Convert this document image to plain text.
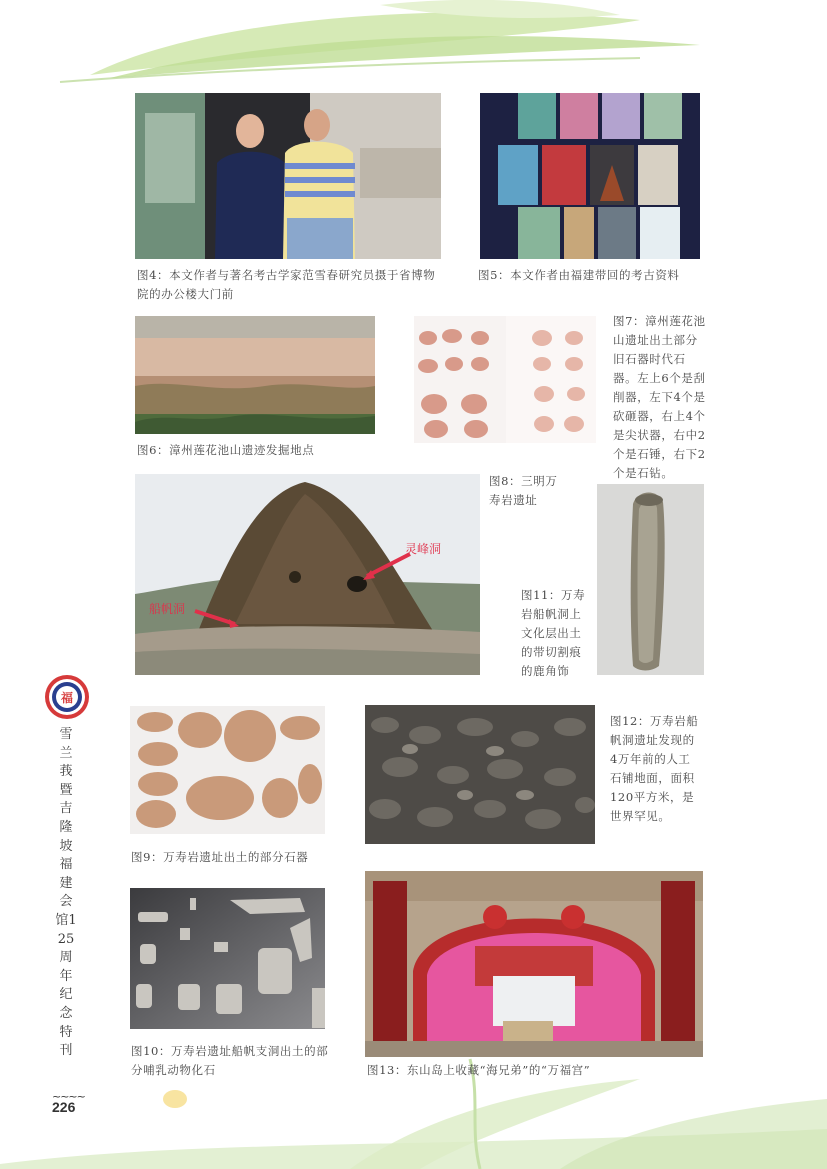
图4：本文作者与著名考古学家范雪春研究员摄于省博物院的办公楼大门前
图5：本文作者由福建带回的考古资料
图6：漳州莲花池山遗迹发掘地点
图7：漳州莲花池山遗址出土部分旧石器时代石器。左上6个是刮削器，左下4个是砍砸器，右上4个是尖状器，右中2个是石锤，右下2个是石钻。
灵峰洞
船帆洞
图8：三明万寿岩遗址
图11：万寿岩船帆洞上文化层出土的带切割痕的鹿角饰
福
雪兰莪暨吉隆坡福建会馆125周年纪念特刊
图9：万寿岩遗址出土的部分石器
图12：万寿岩船帆洞遗址发现的4万年前的人工石铺地面，面积120平方米，是世界罕见。
图10：万寿岩遗址船帆支洞出土的部分哺乳动物化石	图13：东山岛上收藏“海兄弟”的“万福宫”
~~~~
226
